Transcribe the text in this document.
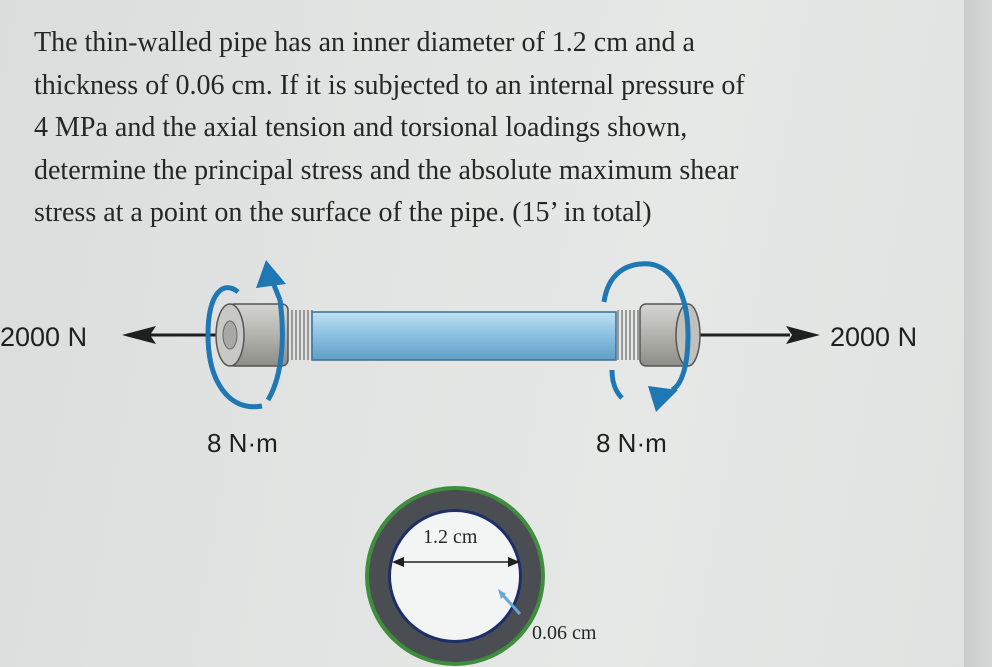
The thin-walled pipe has an inner diameter of 1.2 cm and a
thickness of 0.06 cm. If it is subjected to an internal pressure of
4 MPa and the axial tension and torsional loadings shown,
determine the principal stress and the absolute maximum shear
stress at a point on the surface of the pipe. (15’ in total)

2000 N	2000 N
8 N·m	8 N·m
1.2 cm
0.06 cm
